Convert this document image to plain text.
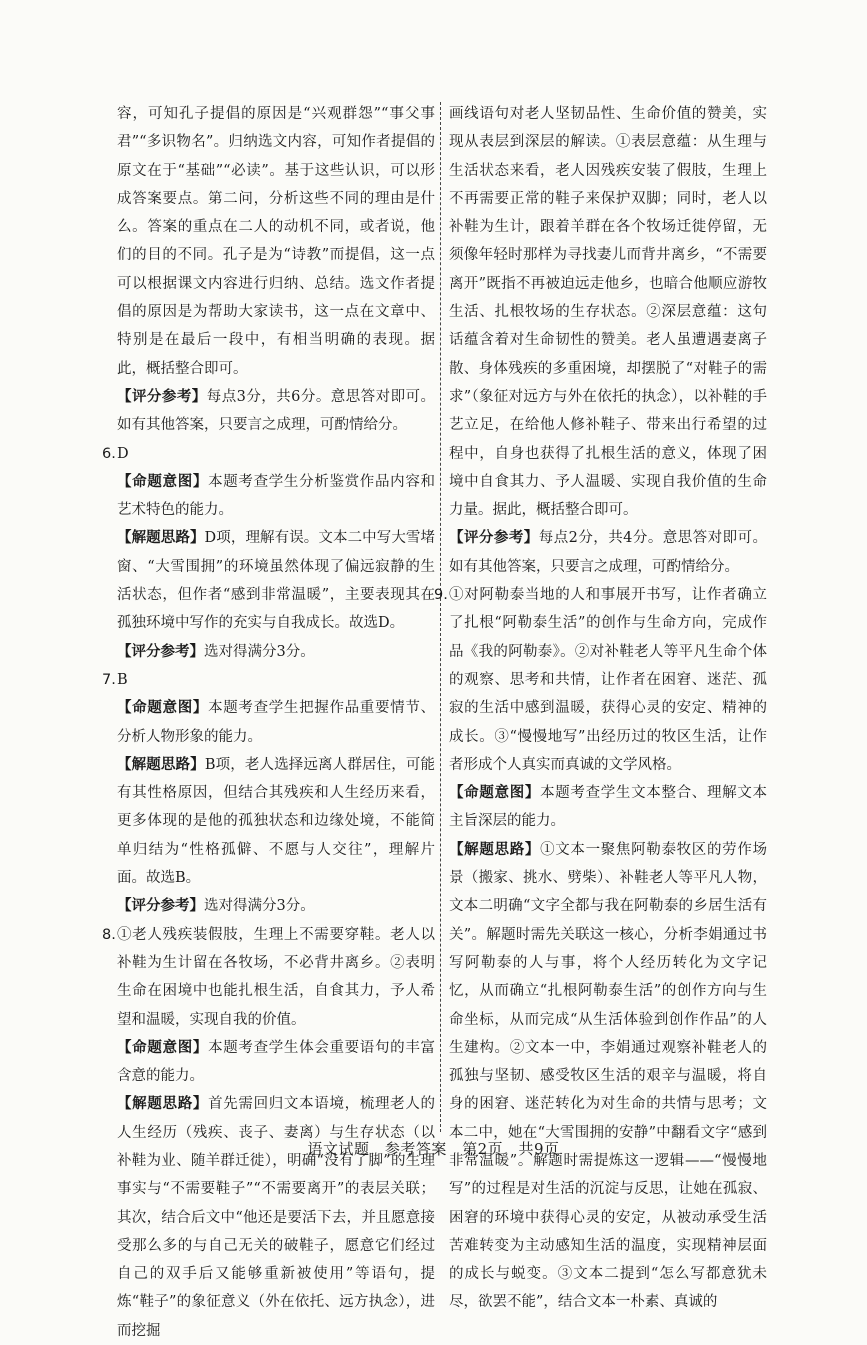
容，可知孔子提倡的原因是“兴观群怨”“事父事君”“多识物名”。归纳选文内容，可知作者提倡的原文在于“基础”“必读”。基于这些认识，可以形成答案要点。第二问，分析这些不同的理由是什么。答案的重点在二人的动机不同，或者说，他们的目的不同。孔子是为“诗教”而提倡，这一点可以根据课文内容进行归纳、总结。选文作者提倡的原因是为帮助大家读书，这一点在文章中、特别是在最后一段中，有相当明确的表现。据此，概括整合即可。

【评分参考】每点3分，共6分。意思答对即可。如有其他答案，只要言之成理，可酌情给分。

6. D

【命题意图】本题考查学生分析鉴赏作品内容和艺术特色的能力。

【解题思路】D项，理解有误。文本二中写大雪堵窗、“大雪围拥”的环境虽然体现了偏远寂静的生活状态，但作者“感到非常温暖”，主要表现其在孤独环境中写作的充实与自我成长。故选D。

【评分参考】选对得满分3分。

7. B

【命题意图】本题考查学生把握作品重要情节、分析人物形象的能力。

【解题思路】B项，老人选择远离人群居住，可能有其性格原因，但结合其残疾和人生经历来看，更多体现的是他的孤独状态和边缘处境，不能简单归结为“性格孤僻、不愿与人交往”，理解片面。故选B。

【评分参考】选对得满分3分。

8. ①老人残疾装假肢，生理上不需要穿鞋。老人以补鞋为生计留在各牧场，不必背井离乡。②表明生命在困境中也能扎根生活，自食其力，予人希望和温暖，实现自我的价值。

【命题意图】本题考查学生体会重要语句的丰富含意的能力。

【解题思路】首先需回归文本语境，梳理老人的人生经历（残疾、丧子、妻离）与生存状态（以补鞋为业、随羊群迁徙），明确“没有了脚”的生理事实与“不需要鞋子”“不需要离开”的表层关联；其次，结合后文中“他还是要活下去，并且愿意接受那么多的与自己无关的破鞋子，愿意它们经过自己的双手后又能够重新被使用”等语句，提炼“鞋子”的象征意义（外在依托、远方执念），进而挖掘

画线语句对老人坚韧品性、生命价值的赞美，实现从表层到深层的解读。①表层意蕴：从生理与生活状态来看，老人因残疾安装了假肢，生理上不再需要正常的鞋子来保护双脚；同时，老人以补鞋为生计，跟着羊群在各个牧场迁徙停留，无须像年轻时那样为寻找妻儿而背井离乡，“不需要离开”既指不再被迫远走他乡，也暗合他顺应游牧生活、扎根牧场的生存状态。②深层意蕴：这句话蕴含着对生命韧性的赞美。老人虽遭遇妻离子散、身体残疾的多重困境，却摆脱了“对鞋子的需求”（象征对远方与外在依托的执念），以补鞋的手艺立足，在给他人修补鞋子、带来出行希望的过程中，自身也获得了扎根生活的意义，体现了困境中自食其力、予人温暖、实现自我价值的生命力量。据此，概括整合即可。

【评分参考】每点2分，共4分。意思答对即可。如有其他答案，只要言之成理，可酌情给分。

9. ①对阿勒泰当地的人和事展开书写，让作者确立了扎根“阿勒泰生活”的创作与生命方向，完成作品《我的阿勒泰》。②对补鞋老人等平凡生命个体的观察、思考和共情，让作者在困窘、迷茫、孤寂的生活中感到温暖，获得心灵的安定、精神的成长。③“慢慢地写”出经历过的牧区生活，让作者形成个人真实而真诚的文学风格。

【命题意图】本题考查学生文本整合、理解文本主旨深层的能力。

【解题思路】①文本一聚焦阿勒泰牧区的劳作场景（搬家、挑水、劈柴）、补鞋老人等平凡人物，文本二明确“文字全都与我在阿勒泰的乡居生活有关”。解题时需先关联这一核心，分析李娟通过书写阿勒泰的人与事，将个人经历转化为文字记忆，从而确立“扎根阿勒泰生活”的创作方向与生命坐标，从而完成“从生活体验到创作作品”的人生建构。②文本一中，李娟通过观察补鞋老人的孤独与坚韧、感受牧区生活的艰辛与温暖，将自身的困窘、迷茫转化为对生命的共情与思考；文本二中，她在“大雪围拥的安静”中翻看文字“感到非常温暖”。解题时需提炼这一逻辑——“慢慢地写”的过程是对生活的沉淀与反思，让她在孤寂、困窘的环境中获得心灵的安定，从被动承受生活苦难转变为主动感知生活的温度，实现精神层面的成长与蜕变。③文本二提到“怎么写都意犹未尽，欲罢不能”，结合文本一朴素、真诚的

语文试题 参考答案 第2页 共9页
